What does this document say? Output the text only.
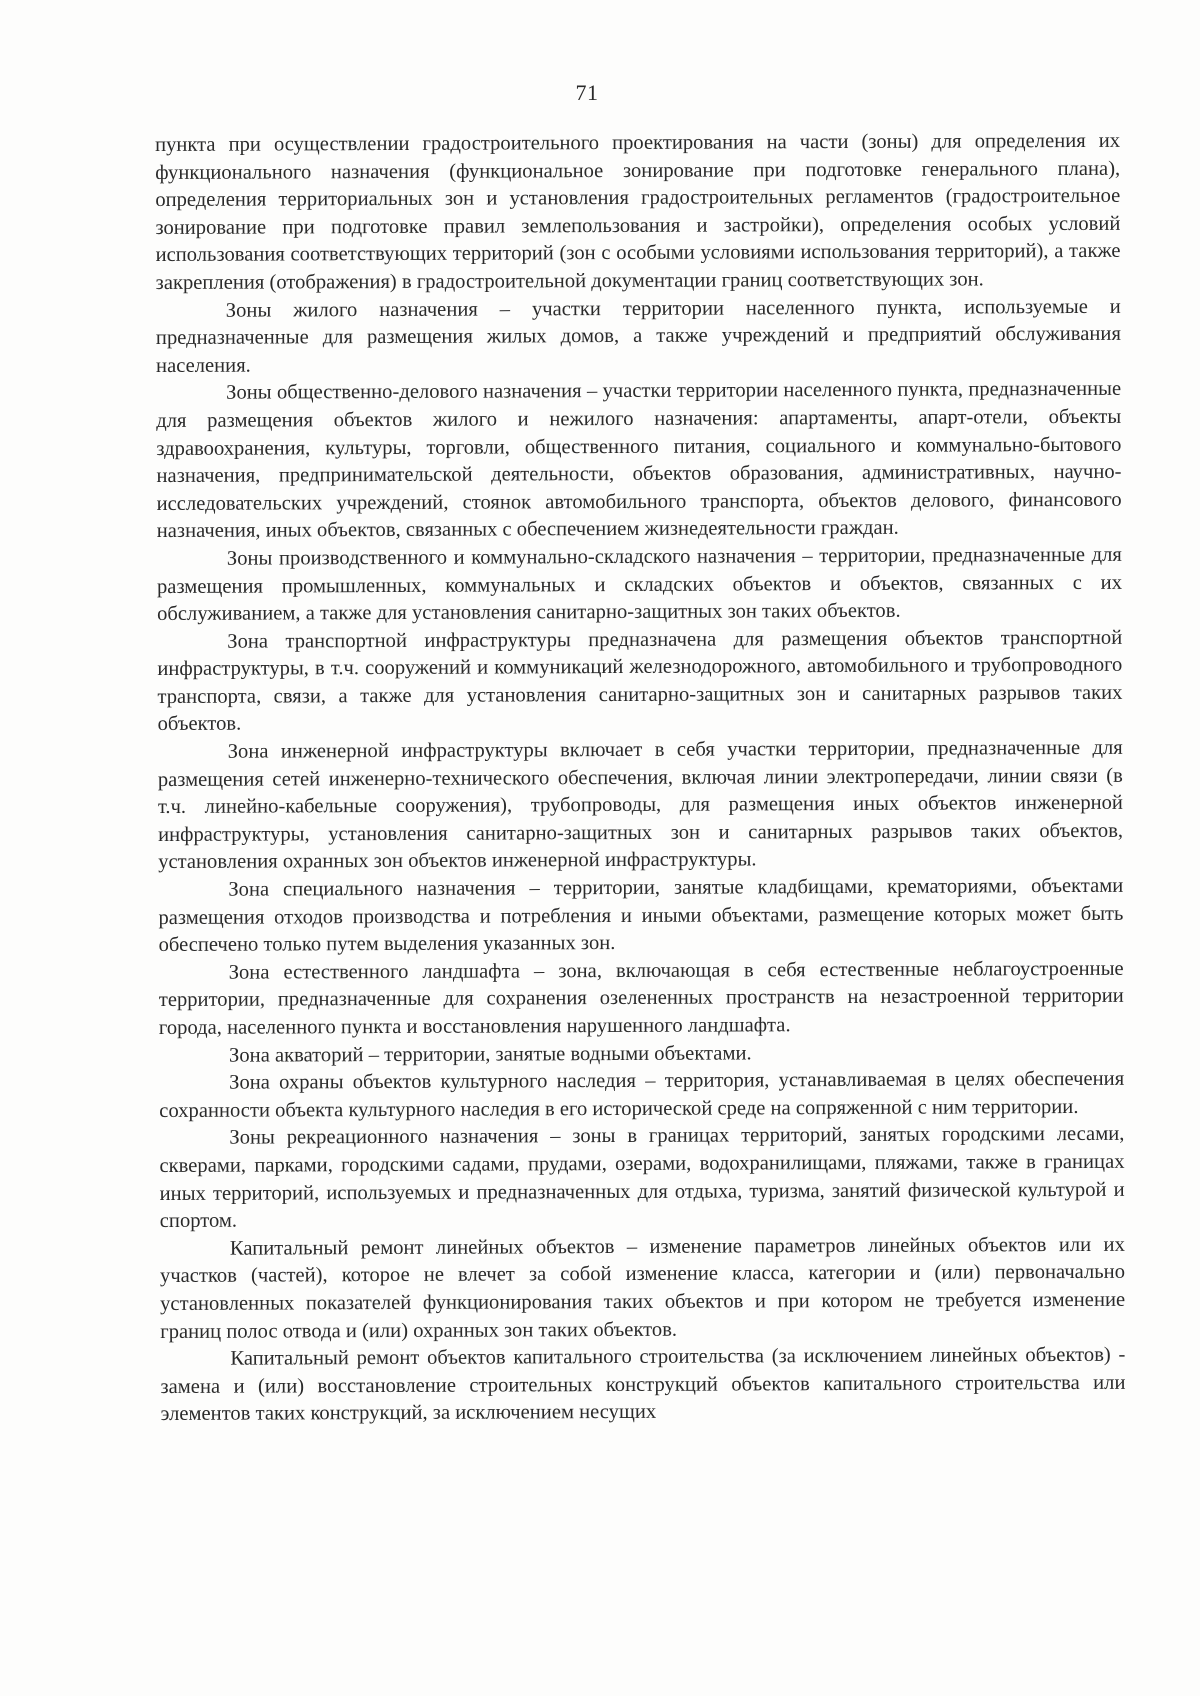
71

пункта при осуществлении градостроительного проектирования на части (зоны) для определения их функционального назначения (функциональное зонирование при подготовке генерального плана), определения территориальных зон и установления градостроительных регламентов (градостроительное зонирование при подготовке правил землепользования и застройки), определения особых условий использования соответствующих территорий (зон с особыми условиями использования территорий), а также закрепления (отображения) в градостроительной документации границ соответствующих зон.

Зоны жилого назначения – участки территории населенного пункта, используемые и предназначенные для размещения жилых домов, а также учреждений и предприятий обслуживания населения.

Зоны общественно-делового назначения – участки территории населенного пункта, предназначенные для размещения объектов жилого и нежилого назначения: апартаменты, апарт-отели, объекты здравоохранения, культуры, торговли, общественного питания, социального и коммунально-бытового назначения, предпринимательской деятельности, объектов образования, административных, научно-исследовательских учреждений, стоянок автомобильного транспорта, объектов делового, финансового назначения, иных объектов, связанных с обеспечением жизнедеятельности граждан.

Зоны производственного и коммунально-складского назначения – территории, предназначенные для размещения промышленных, коммунальных и складских объектов и объектов, связанных с их обслуживанием, а также для установления санитарно-защитных зон таких объектов.

Зона транспортной инфраструктуры предназначена для размещения объектов транспортной инфраструктуры, в т.ч. сооружений и коммуникаций железнодорожного, автомобильного и трубопроводного транспорта, связи, а также для установления санитарно-защитных зон и санитарных разрывов таких объектов.

Зона инженерной инфраструктуры включает в себя участки территории, предназначенные для размещения сетей инженерно-технического обеспечения, включая линии электропередачи, линии связи (в т.ч. линейно-кабельные сооружения), трубопроводы, для размещения иных объектов инженерной инфраструктуры, установления санитарно-защитных зон и санитарных разрывов таких объектов, установления охранных зон объектов инженерной инфраструктуры.

Зона специального назначения – территории, занятые кладбищами, крематориями, объектами размещения отходов производства и потребления и иными объектами, размещение которых может быть обеспечено только путем выделения указанных зон.

Зона естественного ландшафта – зона, включающая в себя естественные неблагоустроенные территории, предназначенные для сохранения озелененных пространств на незастроенной территории города, населенного пункта и восстановления нарушенного ландшафта.

Зона акваторий – территории, занятые водными объектами.

Зона охраны объектов культурного наследия – территория, устанавливаемая в целях обеспечения сохранности объекта культурного наследия в его исторической среде на сопряженной с ним территории.

Зоны рекреационного назначения – зоны в границах территорий, занятых городскими лесами, скверами, парками, городскими садами, прудами, озерами, водохранилищами, пляжами, также в границах иных территорий, используемых и предназначенных для отдыха, туризма, занятий физической культурой и спортом.

Капитальный ремонт линейных объектов – изменение параметров линейных объектов или их участков (частей), которое не влечет за собой изменение класса, категории и (или) первоначально установленных показателей функционирования таких объектов и при котором не требуется изменение границ полос отвода и (или) охранных зон таких объектов.

Капитальный ремонт объектов капитального строительства (за исключением линейных объектов) - замена и (или) восстановление строительных конструкций объектов капитального строительства или элементов таких конструкций, за исключением несущих
